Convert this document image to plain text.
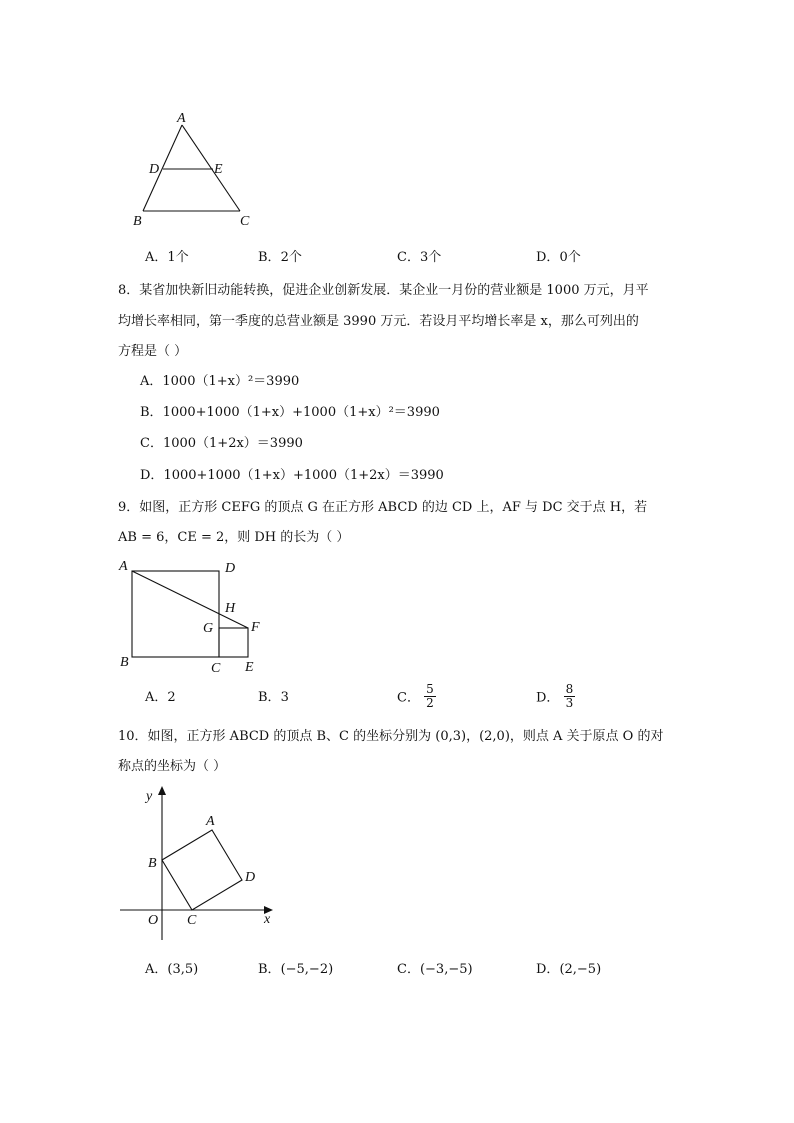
A
D	E
B	C
A．1个	B．2个	C．3个	D．0个
8．某省加快新旧动能转换，促进企业创新发展．某企业一月份的营业额是 1000 万元，月平
均增长率相同，第一季度的总营业额是 3990 万元．若设月平均增长率是 x，那么可列出的
方程是（ ）
A．1000（1+x）²＝3990
B．1000+1000（1+x）+1000（1+x）²＝3990
C．1000（1+2x）＝3990
D．1000+1000（1+x）+1000（1+2x）＝3990
9．如图，正方形 CEFG 的顶点 G 在正方形 ABCD 的边 CD 上，AF 与 DC 交于点 H，若
AB = 6，CE = 2，则 DH 的长为（ ）
A	D
H
G	F
B	C E
A．2	B．3	C． $\frac{5}{2}$	D． $\frac{8}{3}$
10．如图，正方形 ABCD 的顶点 B、C 的坐标分别为 (0,3)，(2,0)，则点 A 关于原点 O 的对
称点的坐标为（ ）
y
A
B
D
O C	x
A．(3,5)	B．(−5,−2)	C．(−3,−5)	D．(2,−5)
